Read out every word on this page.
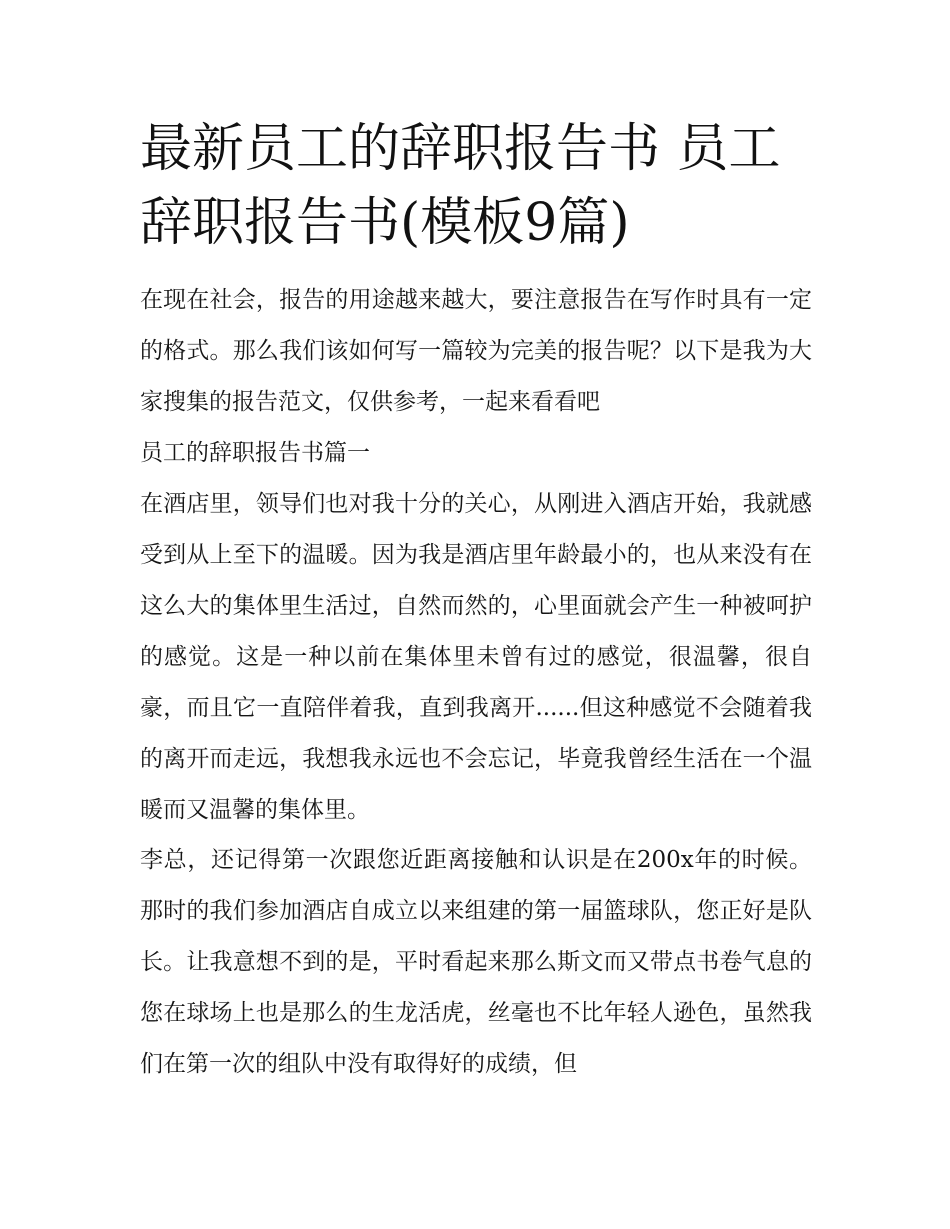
最新员工的辞职报告书 员工辞职报告书(模板9篇)

在现在社会，报告的用途越来越大，要注意报告在写作时具有一定的格式。那么我们该如何写一篇较为完美的报告呢？以下是我为大家搜集的报告范文，仅供参考，一起来看看吧

员工的辞职报告书篇一

在酒店里，领导们也对我十分的关心，从刚进入酒店开始，我就感受到从上至下的温暖。因为我是酒店里年龄最小的，也从来没有在这么大的集体里生活过，自然而然的，心里面就会产生一种被呵护的感觉。这是一种以前在集体里未曾有过的感觉，很温馨，很自豪，而且它一直陪伴着我，直到我离开......但这种感觉不会随着我的离开而走远，我想我永远也不会忘记，毕竟我曾经生活在一个温暖而又温馨的集体里。

李总，还记得第一次跟您近距离接触和认识是在200x年的时候。那时的我们参加酒店自成立以来组建的第一届篮球队，您正好是队长。让我意想不到的是，平时看起来那么斯文而又带点书卷气息的您在球场上也是那么的生龙活虎，丝毫也不比年轻人逊色，虽然我们在第一次的组队中没有取得好的成绩，但
